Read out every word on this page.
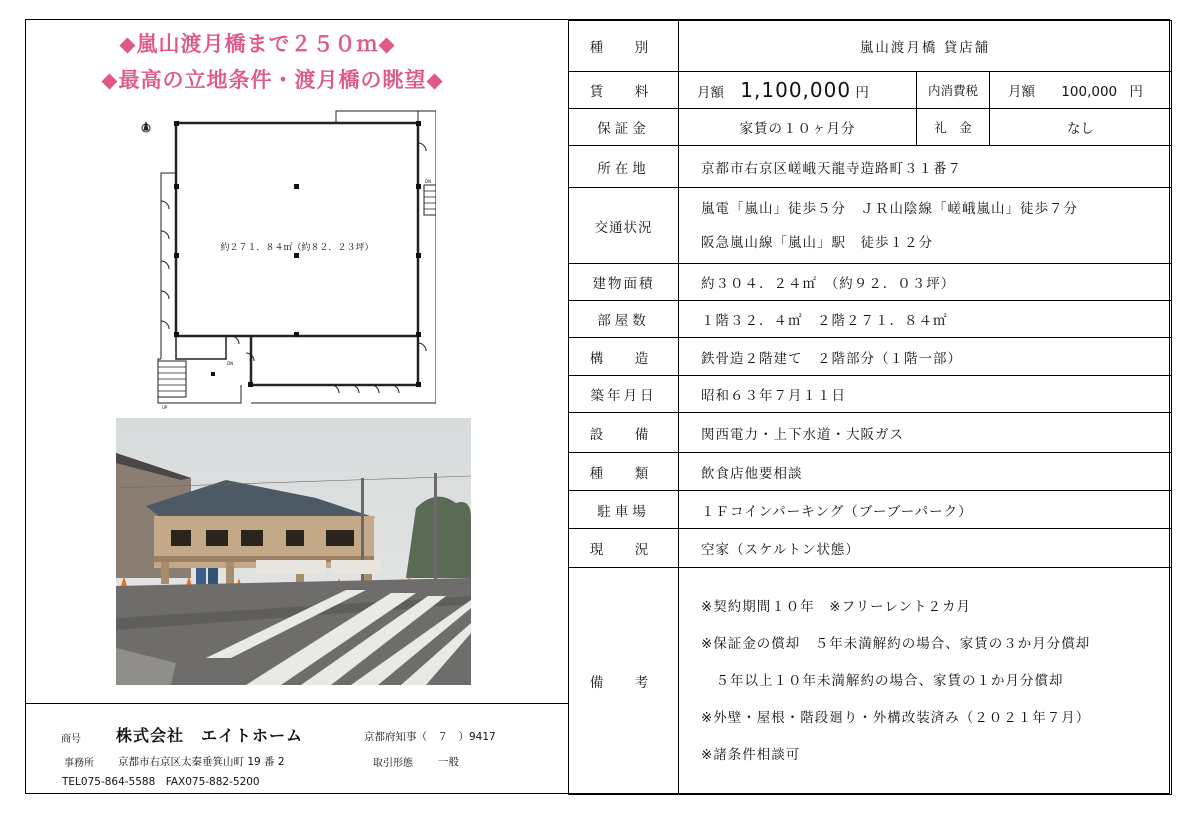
◆嵐山渡月橋まで２５０ｍ◆
◆最高の立地条件・渡月橋の眺望◆
約２７１．８４㎡（約８２．２３坪）
DN
DN
UP
商号 株式会社　エイトホーム	京都府知事（　７　）9417
事務所 京都市右京区太秦垂箕山町 19 番 2	取引形態 一般
TEL075-864-5588　FAX075-882-5200
種　別	嵐山渡月橋 貸店舗		
賃　料	月額 1,100,000 円	内消費税	月額 100,000 円
保証金	家賃の１０ヶ月分	礼　金	なし
所在地	京都市右京区嵯峨天龍寺造路町３１番７		
交通状況	嵐電「嵐山」徒歩５分　ＪＲ山陰線「嵯峨嵐山」徒歩７分
阪急嵐山線「嵐山」駅　徒歩１２分		

建物面積	約３０４．２４㎡　（約９２．０３坪）		
部屋数	１階３２．４㎡　２階２７１．８４㎡		
構　造	鉄骨造２階建て　２階部分（１階一部）		
築年月日	昭和６３年７月１１日		
設　備	関西電力・上下水道・大阪ガス		
種　類	飲食店他要相談		
駐車場	１Ｆコインパーキング（ブーブーパーク）		
現　況	空家（スケルトン状態）		
備　考	※契約期間１０年　※フリーレント２カ月
※保証金の償却　５年未満解約の場合、家賃の３か月分償却
　５年以上１０年未満解約の場合、家賃の１か月分償却
※外壁・屋根・階段廻り・外構改装済み（２０２１年７月）
※諸条件相談可		
